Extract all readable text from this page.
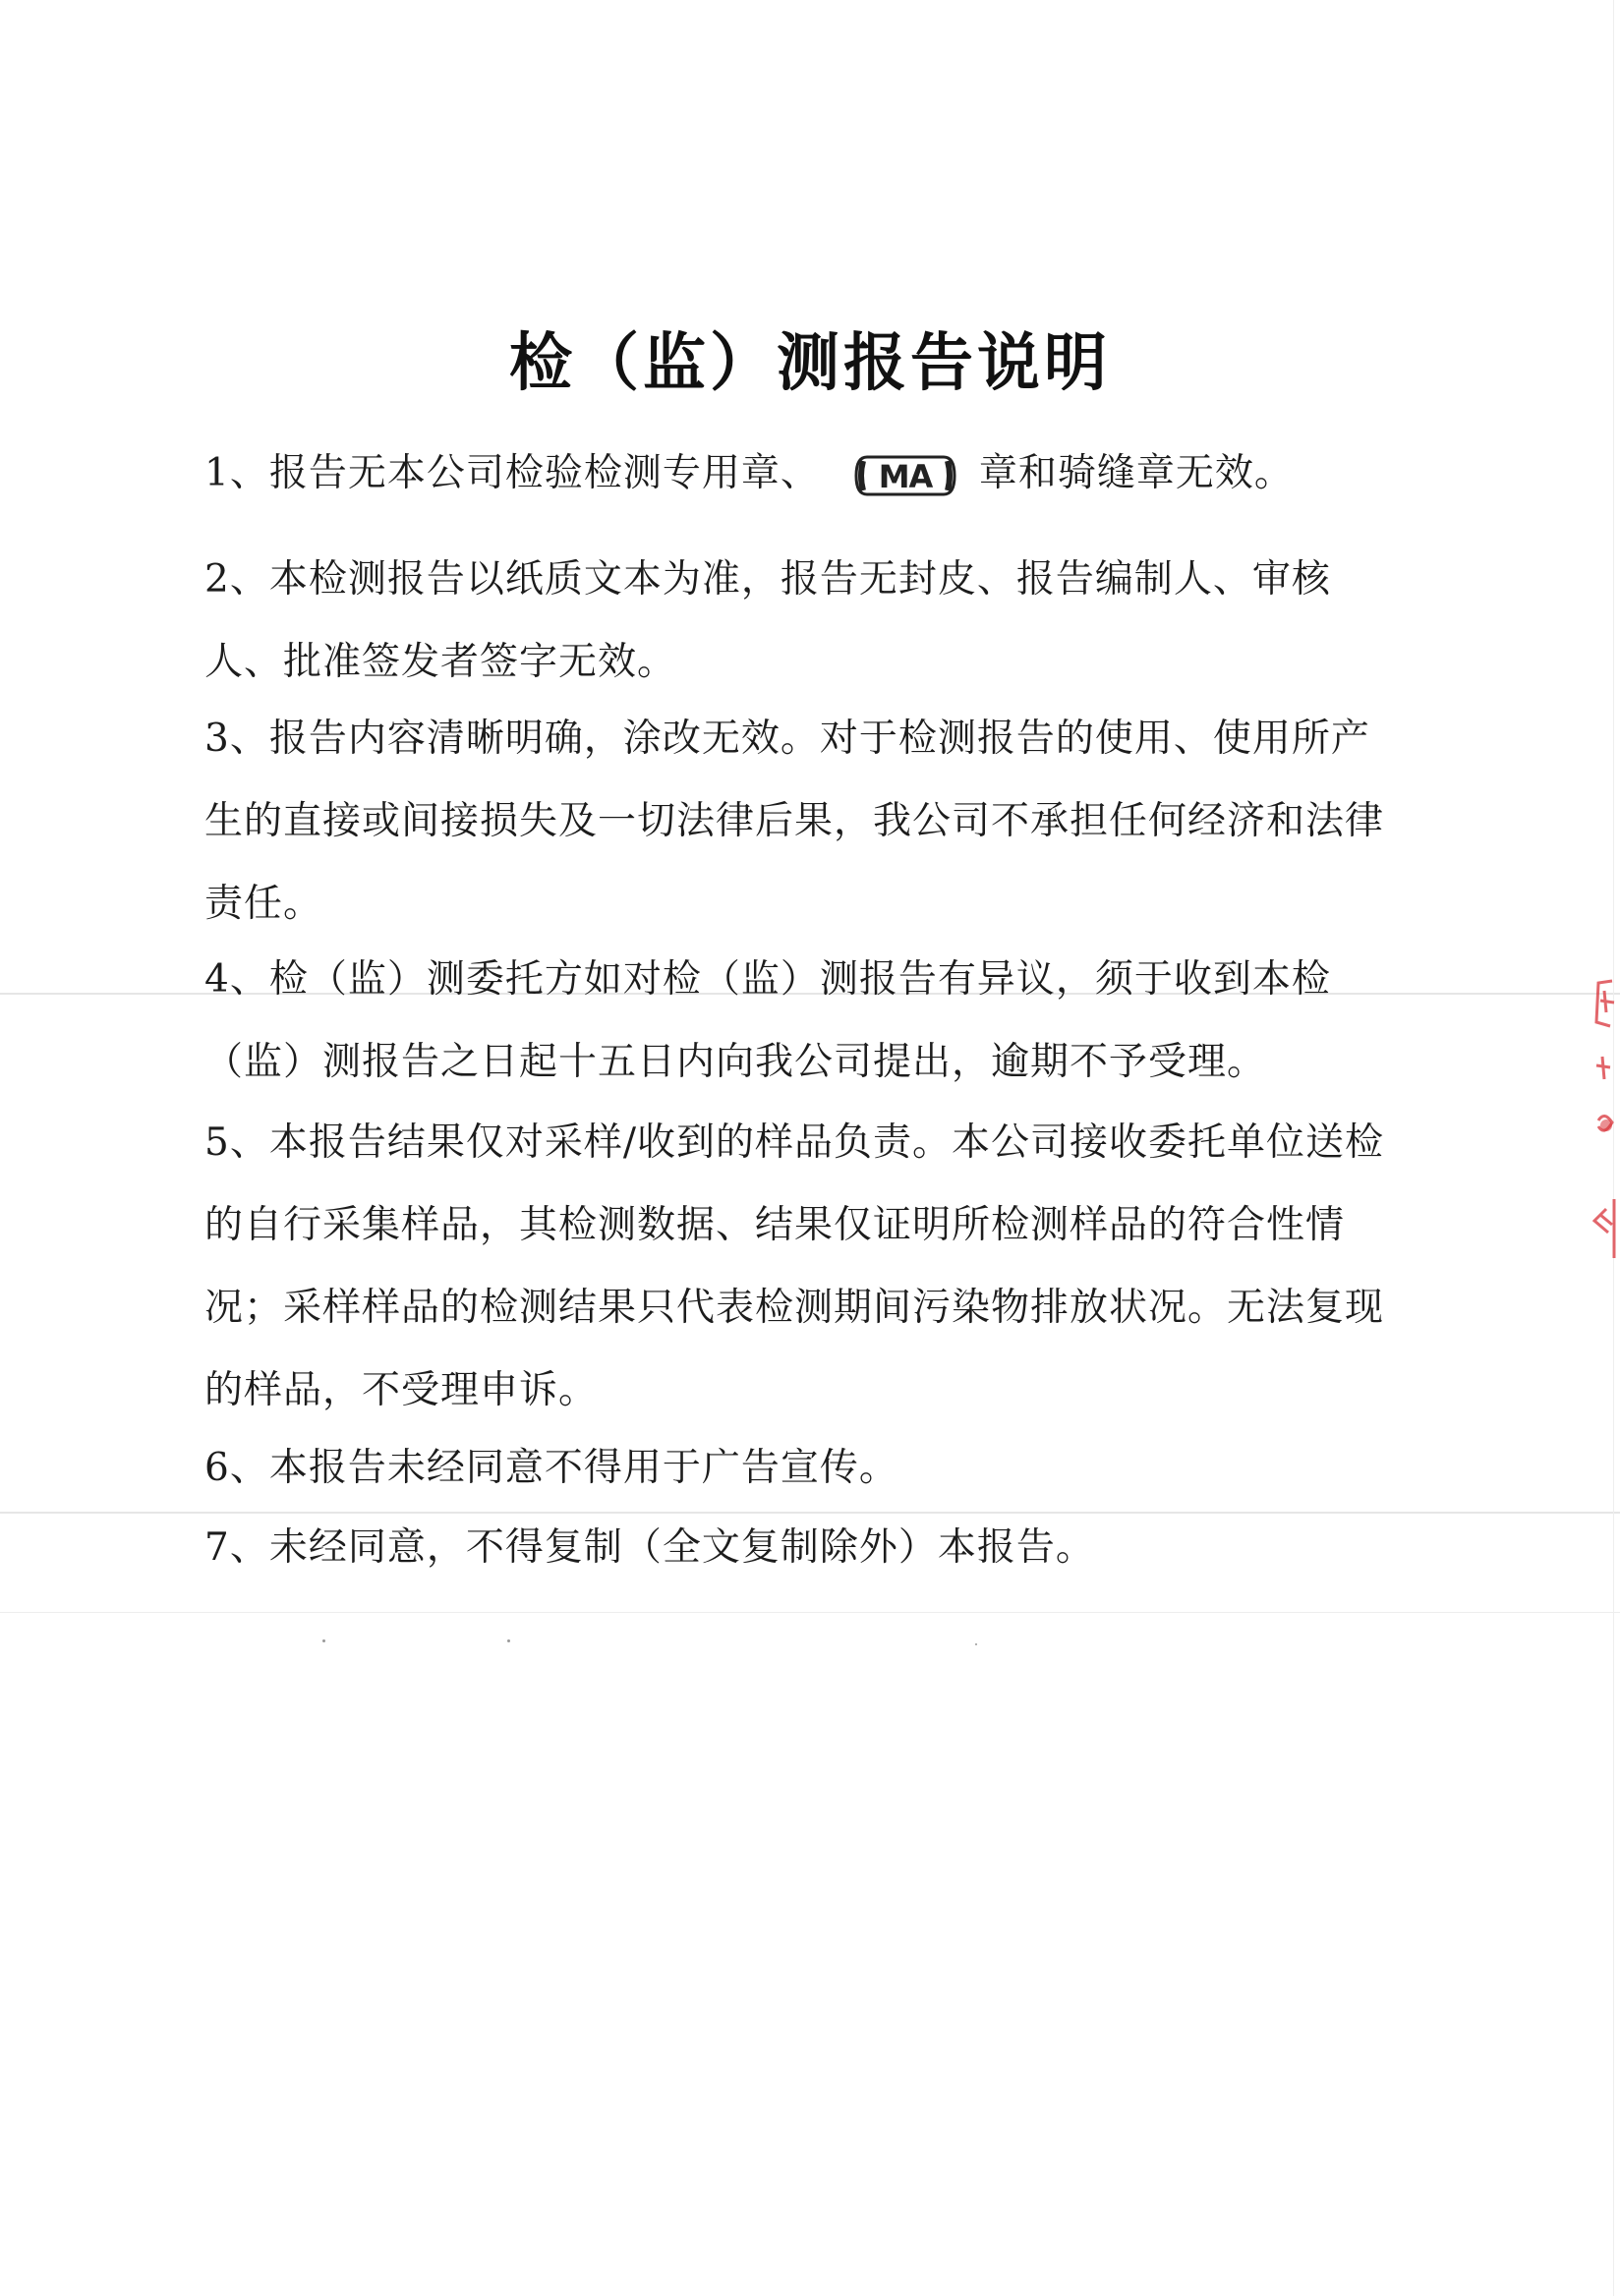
检（监）测报告说明
1、报告无本公司检验检测专用章、 MA 章和骑缝章无效。
2、本检测报告以纸质文本为准，报告无封皮、报告编制人、审核人、批准签发者签字无效。
3、报告内容清晰明确，涂改无效。对于检测报告的使用、使用所产生的直接或间接损失及一切法律后果，我公司不承担任何经济和法律责任。
4、检（监）测委托方如对检（监）测报告有异议，须于收到本检（监）测报告之日起十五日内向我公司提出，逾期不予受理。
5、本报告结果仅对采样/收到的样品负责。本公司接收委托单位送检的自行采集样品，其检测数据、结果仅证明所检测样品的符合性情况；采样样品的检测结果只代表检测期间污染物排放状况。无法复现的样品，不受理申诉。
6、本报告未经同意不得用于广告宣传。
7、未经同意，不得复制（全文复制除外）本报告。
